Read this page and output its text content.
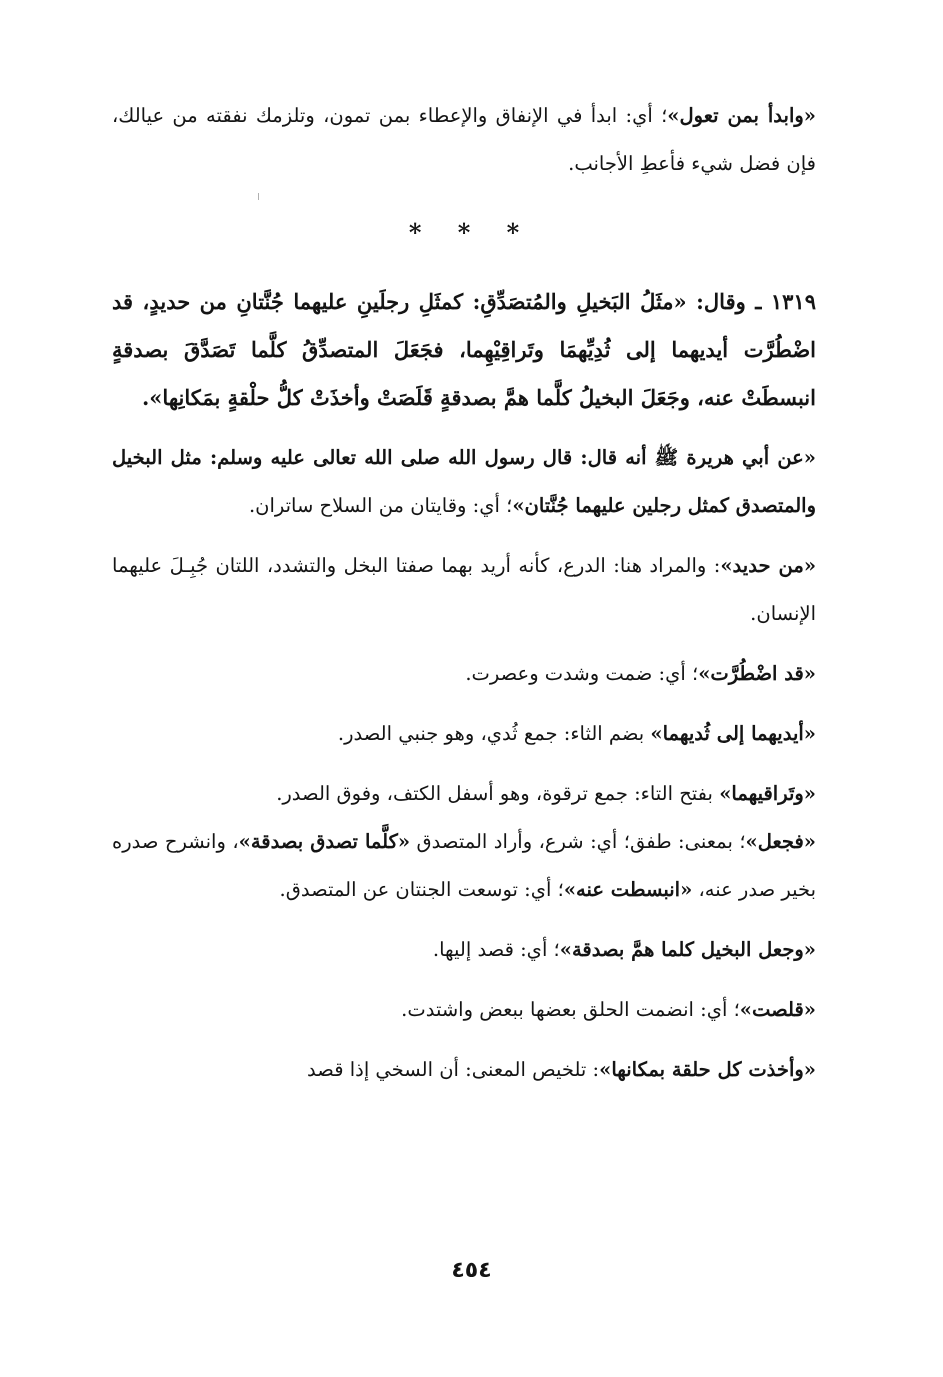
«وابدأ بمن تعول»؛ أي: ابدأ في الإنفاق والإعطاء بمن تمون، وتلزمك نفقته من عيالك، فإن فضل شيء فأعطِ الأجانب.

* * *

١٣١٩ ـ وقال: «مثَلُ البَخيلِ والمُتصَدِّقِ: كمثَلِ رجلَينِ عليهما جُنَّتانِ من حديدٍ، قد اضْطُرَّت أيديهما إلى ثُدِيِّهمَا وتَراقِيْهِما، فجَعَلَ المتصدِّقُ كلَّما تَصَدَّقَ بصدقةٍ انبسطَتْ عنه، وجَعَلَ البخيلُ كلَّما همَّ بصدقةٍ قَلَصَتْ وأخذَتْ كلُّ حلْقةٍ بمَكانِها».

«عن أبي هريرة ﷺ أنه قال: قال رسول الله صلى الله تعالى عليه وسلم: مثل البخيل والمتصدق كمثل رجلين عليهما جُنَّتان»؛ أي: وقايتان من السلاح ساتران.

«من حديد»: والمراد هنا: الدرع، كأنه أريد بهما صفتا البخل والتشدد، اللتان جُبِـلَ عليهما الإنسان.

«قد اضْطُرَّت»؛ أي: ضمت وشدت وعصرت.

«أيديهما إلى ثُديهما» بضم الثاء: جمع ثُدي، وهو جنبي الصدر.

«وتَراقيهما» بفتح التاء: جمع ترقوة، وهو أسفل الكتف، وفوق الصدر.

«فجعل»؛ بمعنى: طفق؛ أي: شرع، وأراد المتصدق «كلَّما تصدق بصدقة»، وانشرح صدره بخير صدر عنه، «انبسطت عنه»؛ أي: توسعت الجنتان عن المتصدق.

«وجعل البخيل كلما همَّ بصدقة»؛ أي: قصد إليها.

«قلصت»؛ أي: انضمت الحلق بعضها ببعض واشتدت.

«وأخذت كل حلقة بمكانها»: تلخيص المعنى: أن السخي إذا قصد

٤٥٤
